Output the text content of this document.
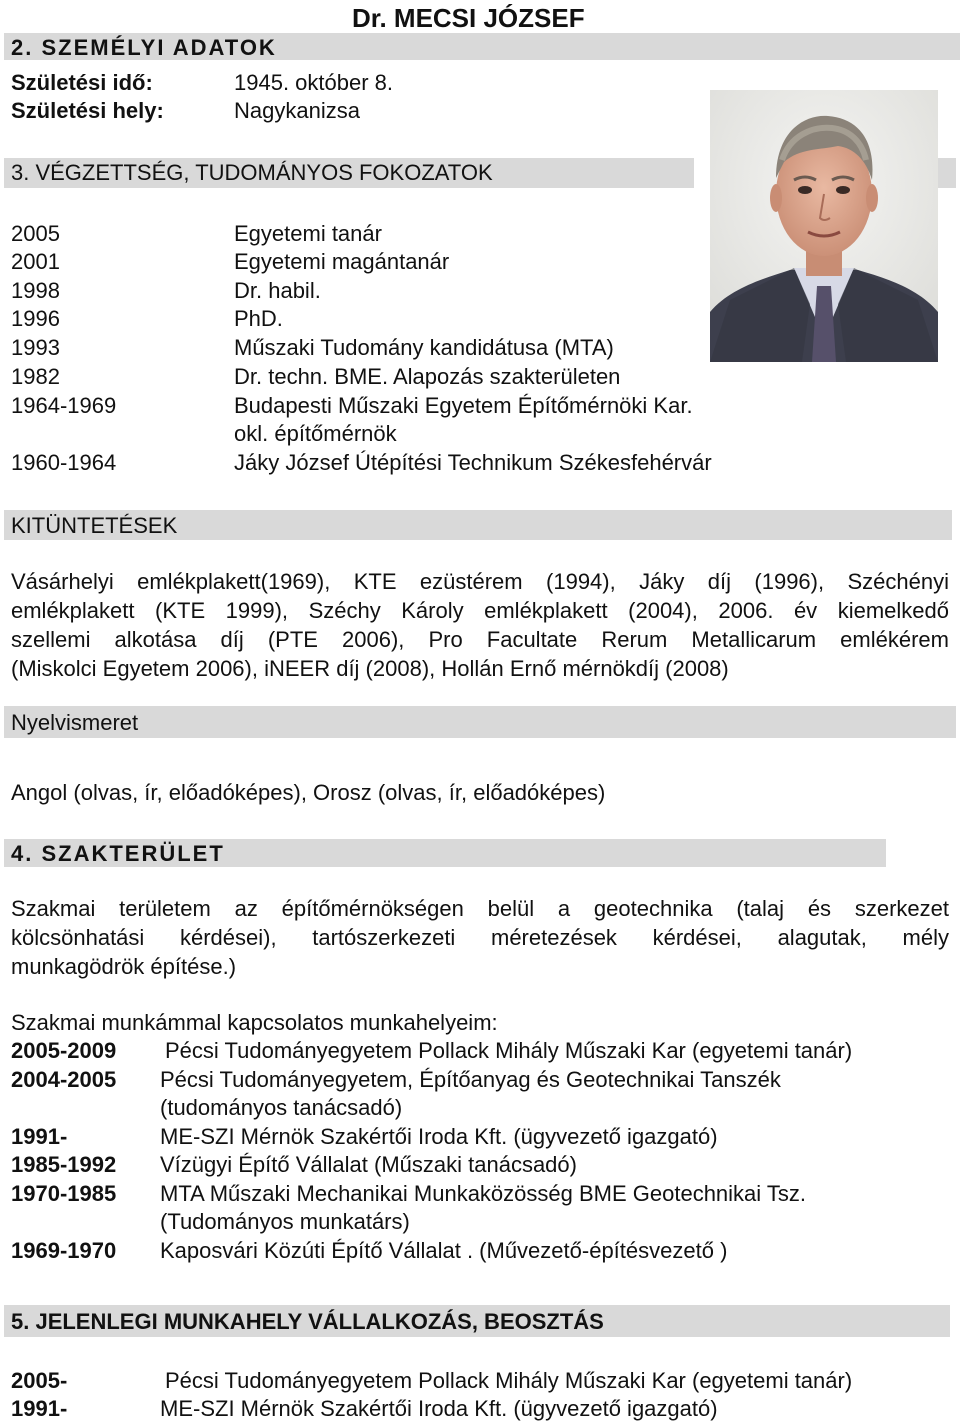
Dr. MECSI JÓZSEF
2. SZEMÉLYI ADATOK
Születési idő:	1945. október 8.
Születési hely:	Nagykanizsa
3. VÉGZETTSÉG, TUDOMÁNYOS FOKOZATOK
2005	Egyetemi tanár
2001	Egyetemi magántanár
1998	Dr. habil.
1996	PhD.
1993	Műszaki Tudomány kandidátusa (MTA)
1982	Dr. techn. BME. Alapozás szakterületen
1964-1969	Budapesti Műszaki Egyetem Építőmérnöki Kar.
okl. építőmérnök
1960-1964	Jáky József Útépítési Technikum Székesfehérvár
KITÜNTETÉSEK
Vásárhelyi emlékplakett(1969), KTE ezüstérem (1994), Jáky díj (1996), Széchényi
emlékplakett (KTE 1999), Széchy Károly emlékplakett (2004), 2006. év kiemelkedő
szellemi alkotása díj (PTE 2006), Pro Facultate Rerum Metallicarum emlékérem
(Miskolci Egyetem 2006), iNEER díj (2008), Hollán Ernő mérnökdíj (2008)
Nyelvismeret
Angol (olvas, ír, előadóképes), Orosz (olvas, ír, előadóképes)
4. SZAKTERÜLET
Szakmai területem az építőmérnökségen belül a geotechnika (talaj és szerkezet
kölcsönhatási kérdései), tartószerkezeti méretezések kérdései, alagutak, mély
munkagödrök építése.)
Szakmai munkámmal kapcsolatos munkahelyeim:
2005-2009 Pécsi Tudományegyetem Pollack Mihály Műszaki Kar (egyetemi tanár)
2004-2005 Pécsi Tudományegyetem, Építőanyag és Geotechnikai Tanszék
(tudományos tanácsadó)
1991-	ME-SZI Mérnök Szakértői Iroda Kft. (ügyvezető igazgató)
1985-1992 Vízügyi Építő Vállalat (Műszaki tanácsadó)
1970-1985 MTA Műszaki Mechanikai Munkaközösség BME Geotechnikai Tsz.
(Tudományos munkatárs)
1969-1970 Kaposvári Közúti Építő Vállalat . (Művezető-építésvezető )
5. JELENLEGI MUNKAHELY VÁLLALKOZÁS, BEOSZTÁS
2005-	Pécsi Tudományegyetem Pollack Mihály Műszaki Kar (egyetemi tanár)
1991-	ME-SZI Mérnök Szakértői Iroda Kft. (ügyvezető igazgató)
